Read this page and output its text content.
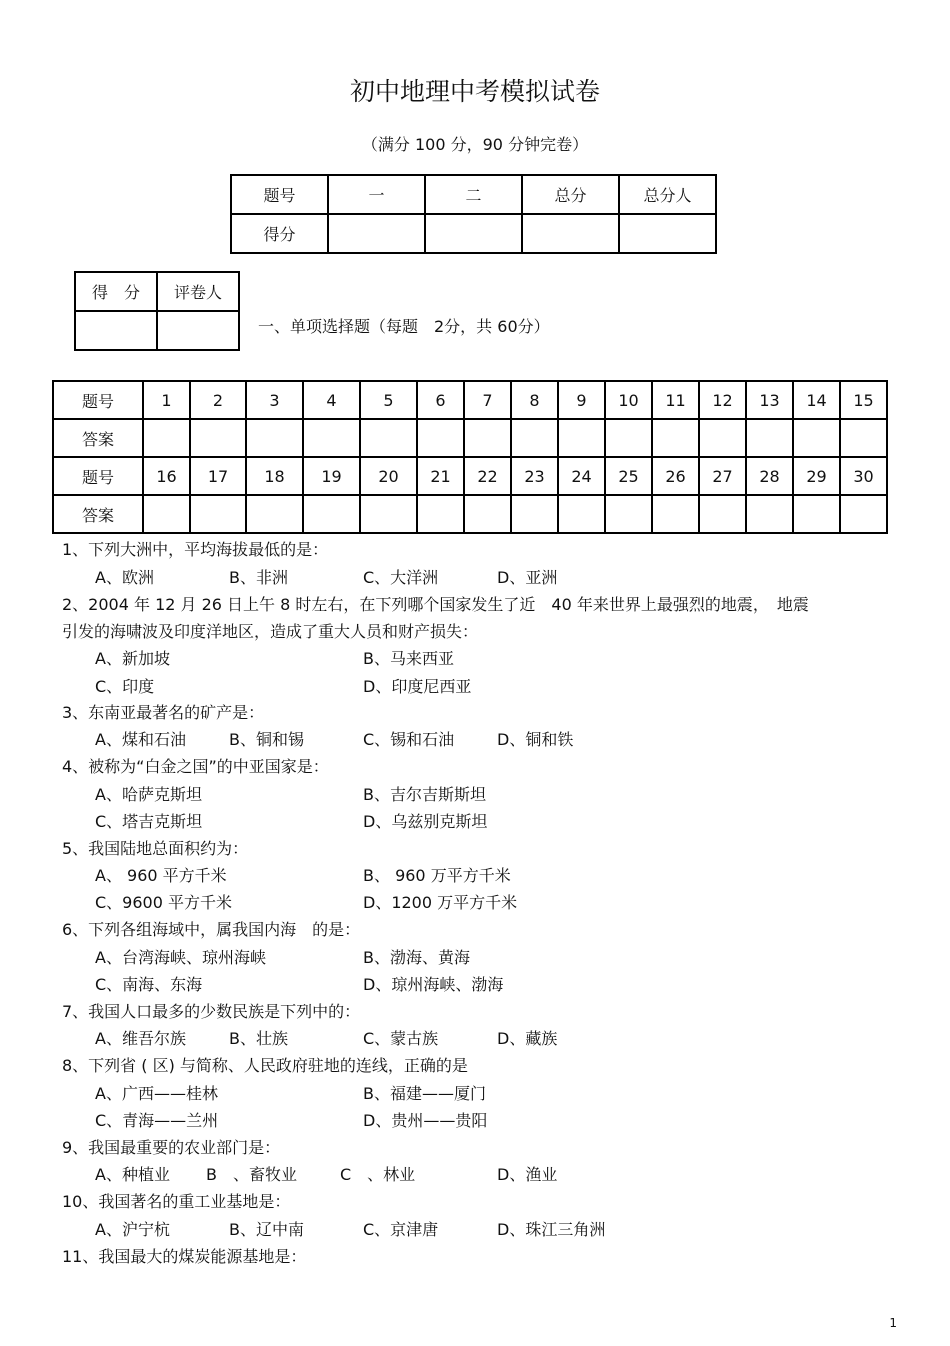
初中地理中考模拟试卷
（满分 100 分，90 分钟完卷）
题号	一	二	总分	总分人
得分				
得　分	评卷人

一、单项选择题（每题　2分，共 60分）
题号	1	2	3	4	5	6	7	8	9	10	11	12	13	14	15
答案															
题号	16	17	18	19	20	21	22	23	24	25	26	27	28	29	30
答案															
1、下列大洲中，平均海拔最低的是：
A、欧洲	B、非洲	C、大洋洲	D、亚洲
2、2004 年 12 月 26 日上午 8 时左右，在下列哪个国家发生了近　40 年来世界上最强烈的地震，　地震
引发的海啸波及印度洋地区，造成了重大人员和财产损失：
A、新加坡	B、马来西亚
C、印度	D、印度尼西亚
3、东南亚最著名的矿产是：
A、煤和石油	B、铜和锡	C、锡和石油	D、铜和铁
4、被称为“白金之国”的中亚国家是：
A、哈萨克斯坦	B、吉尔吉斯斯坦
C、塔吉克斯坦	D、乌兹别克斯坦
5、我国陆地总面积约为：
A、 960 平方千米	B、 960 万平方千米
C、9600 平方千米	D、1200 万平方千米
6、下列各组海域中，属我国内海　的是：
A、台湾海峡、琼州海峡	B、渤海、黄海
C、南海、东海	D、琼州海峡、渤海
7、我国人口最多的少数民族是下列中的：
A、维吾尔族	B、壮族	C、蒙古族	D、藏族
8、下列省 ( 区) 与简称、人民政府驻地的连线，正确的是
A、广西——桂林	B、福建——厦门
C、青海——兰州	D、贵州——贵阳
9、我国最重要的农业部门是：
A、种植业 B　、畜牧业	C　、林业	D、渔业
10、我国著名的重工业基地是：
A、沪宁杭	B、辽中南	C、京津唐	D、珠江三角洲
11、我国最大的煤炭能源基地是：
1
